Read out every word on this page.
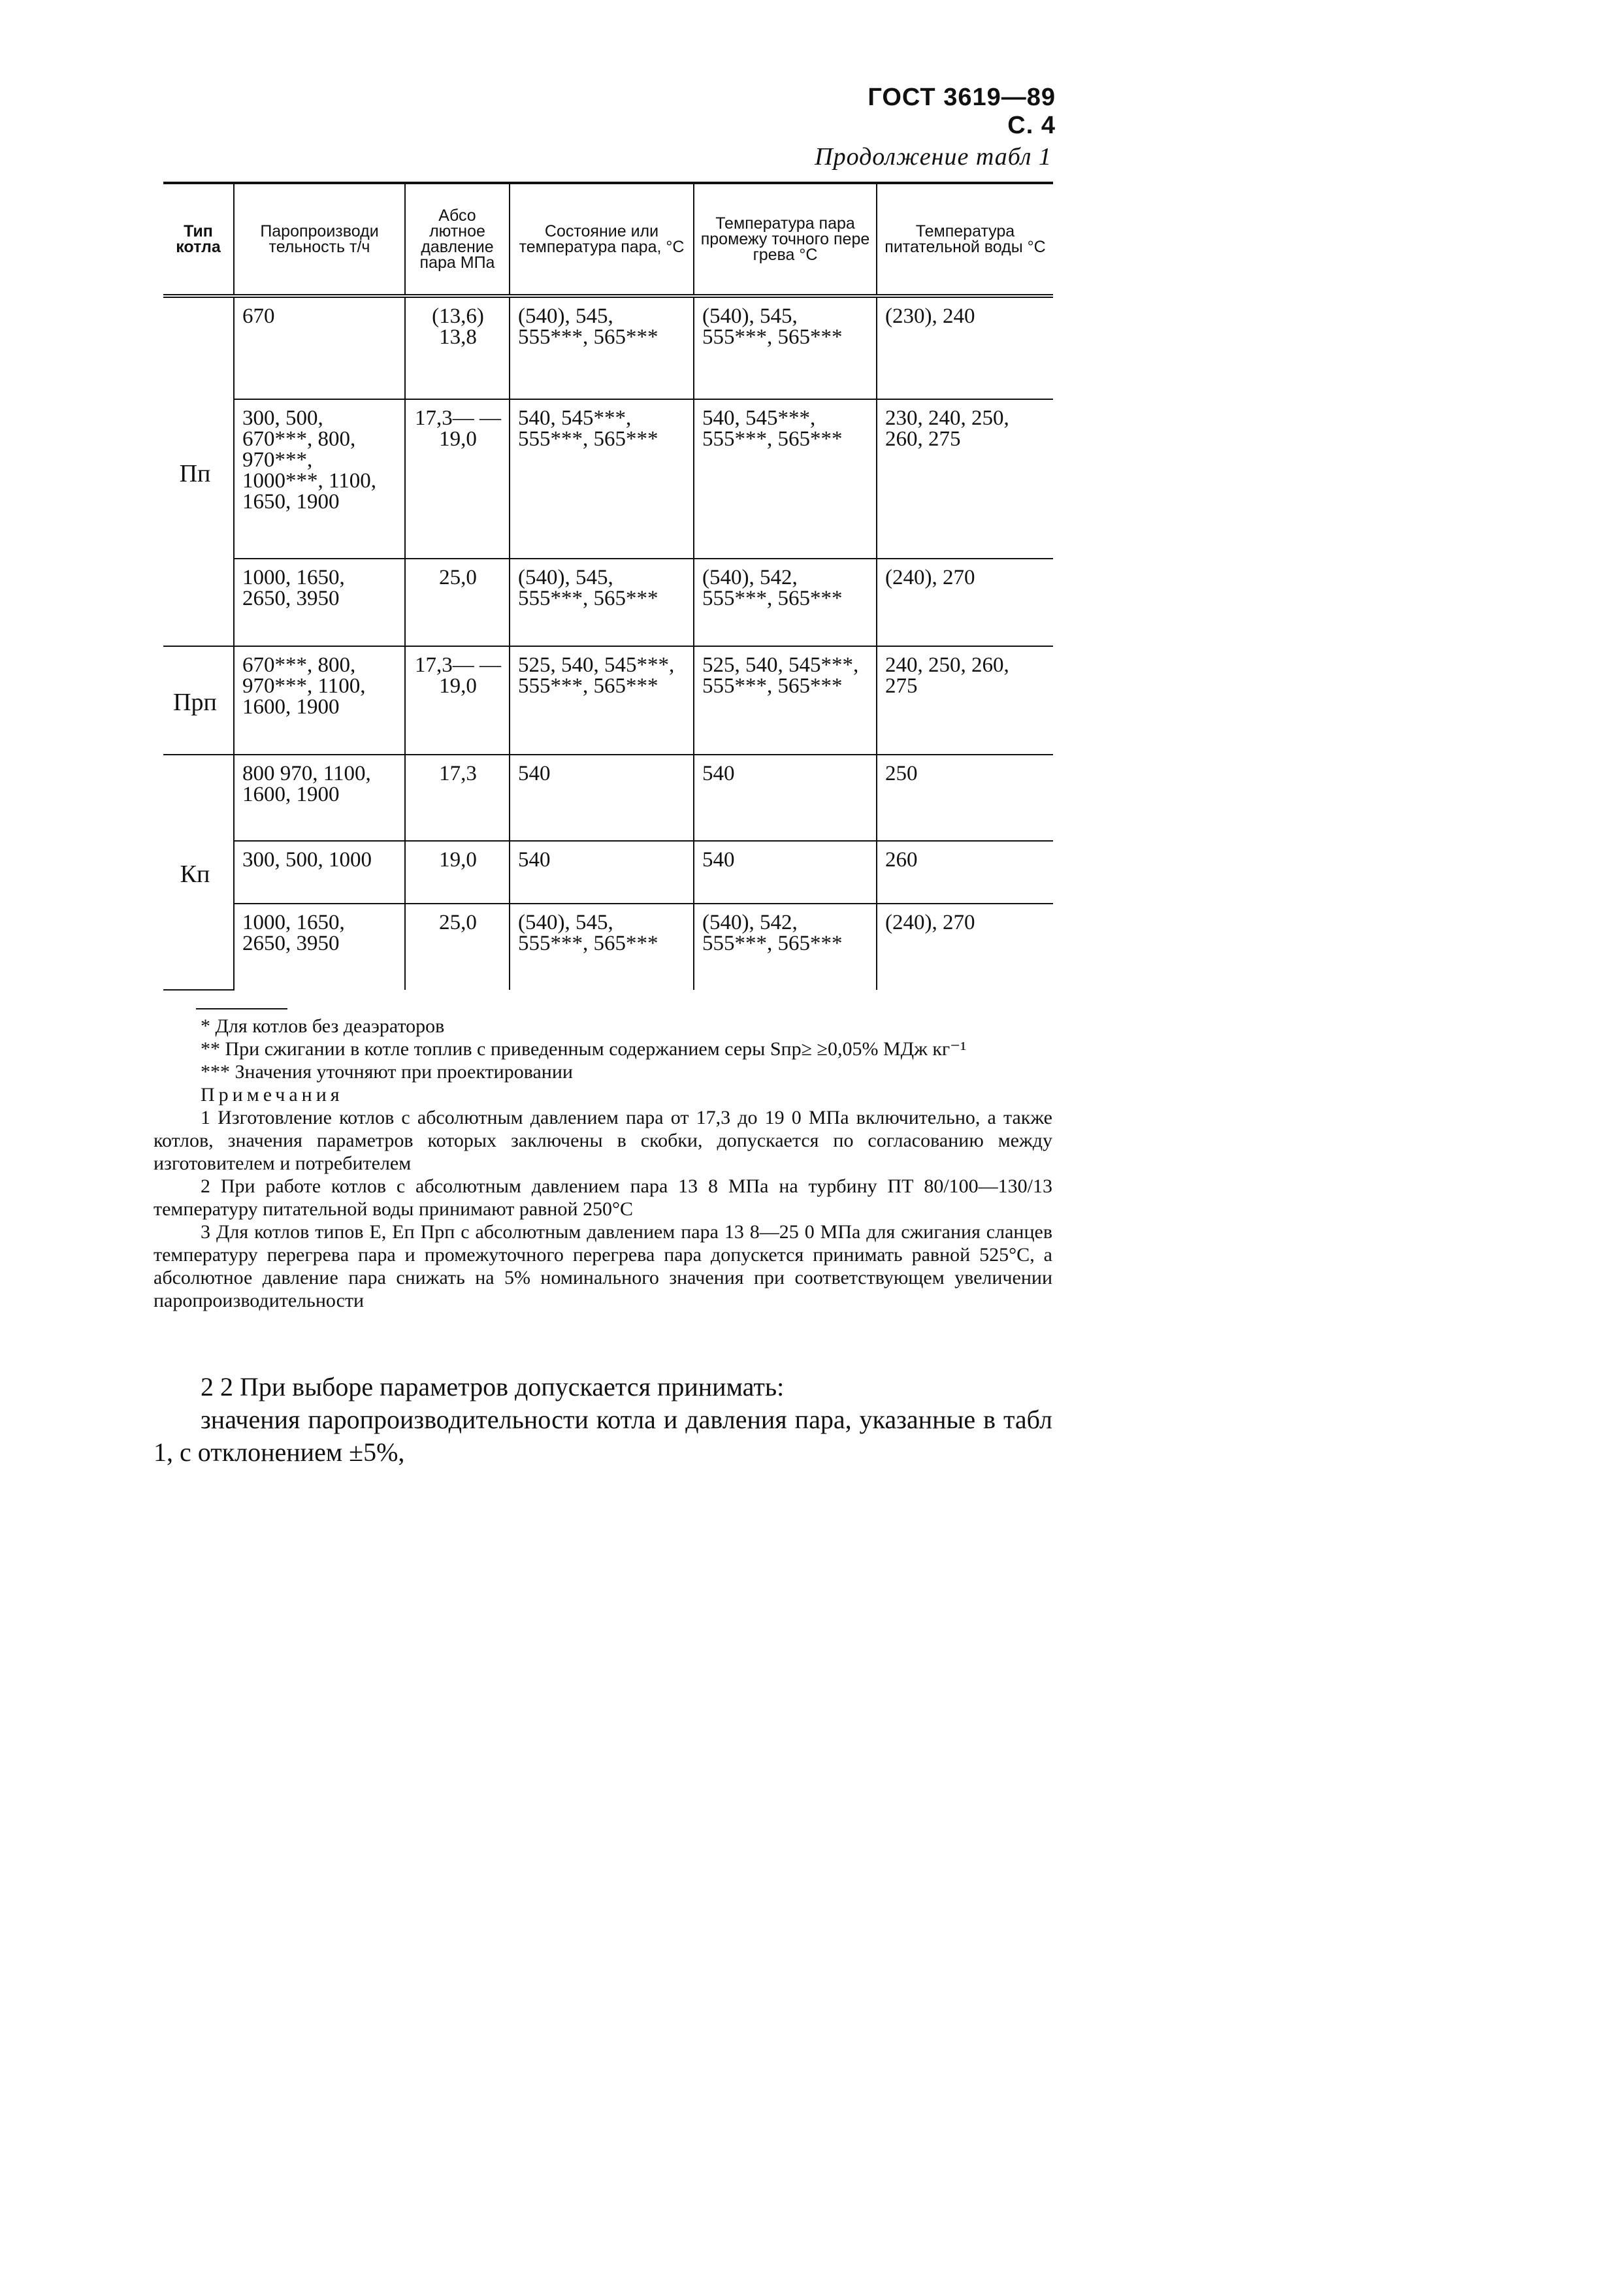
ГОСТ 3619—89 С. 4
Продолжение табл 1
Тип котла	Паропроизводи тельность т/ч	Абсо лютное давление пара МПа	Состояние или температура пара, °С	Температура пара промежу точного пере грева °С	Температура питательной воды °С
Пп	670	(13,6) 13,8	(540), 545, 555***, 565***	(540), 545, 555***, 565***	(230), 240
	300, 500, 670***, 800, 970***, 1000***, 1100, 1650, 1900	17,3— —19,0	540, 545***, 555***, 565***	540, 545***, 555***, 565***	230, 240, 250, 260, 275
	1000, 1650, 2650, 3950	25,0	(540), 545, 555***, 565***	(540), 542, 555***, 565***	(240), 270
Прп	670***, 800, 970***, 1100, 1600, 1900	17,3— —19,0	525, 540, 545***, 555***, 565***	525, 540, 545***, 555***, 565***	240, 250, 260, 275
Кп	800 970, 1100, 1600, 1900	17,3	540	540	250
	300, 500, 1000	19,0	540	540	260
	1000, 1650, 2650, 3950	25,0	(540), 545, 555***, 565***	(540), 542, 555***, 565***	(240), 270

* Для котлов без деаэраторов

** При сжигании в котле топлив с приведенным содержанием серы Sпр≥ ≥0,05% МДж кг⁻¹

*** Значения уточняют при проектировании

Примечания

1 Изготовление котлов с абсолютным давлением пара от 17,3 до 19 0 МПа включительно, а также котлов, значения параметров которых заключены в скобки, допускается по согласованию между изготовителем и потребителем

2 При работе котлов с абсолютным давлением пара 13 8 МПа на турбину ПТ 80/100—130/13 температуру питательной воды принимают равной 250°С

3 Для котлов типов Е, Еп Прп с абсолютным давлением пара 13 8—25 0 МПа для сжигания сланцев температуру перегрева пара и промежуточного перегрева пара допускется принимать равной 525°С, а абсолютное давление пара снижать на 5% номинального значения при соответствующем увеличении паропроизводительности

2 2 При выборе параметров допускается принимать:

значения паропроизводительности котла и давления пара, указанные в табл 1, с отклонением ±5%,
